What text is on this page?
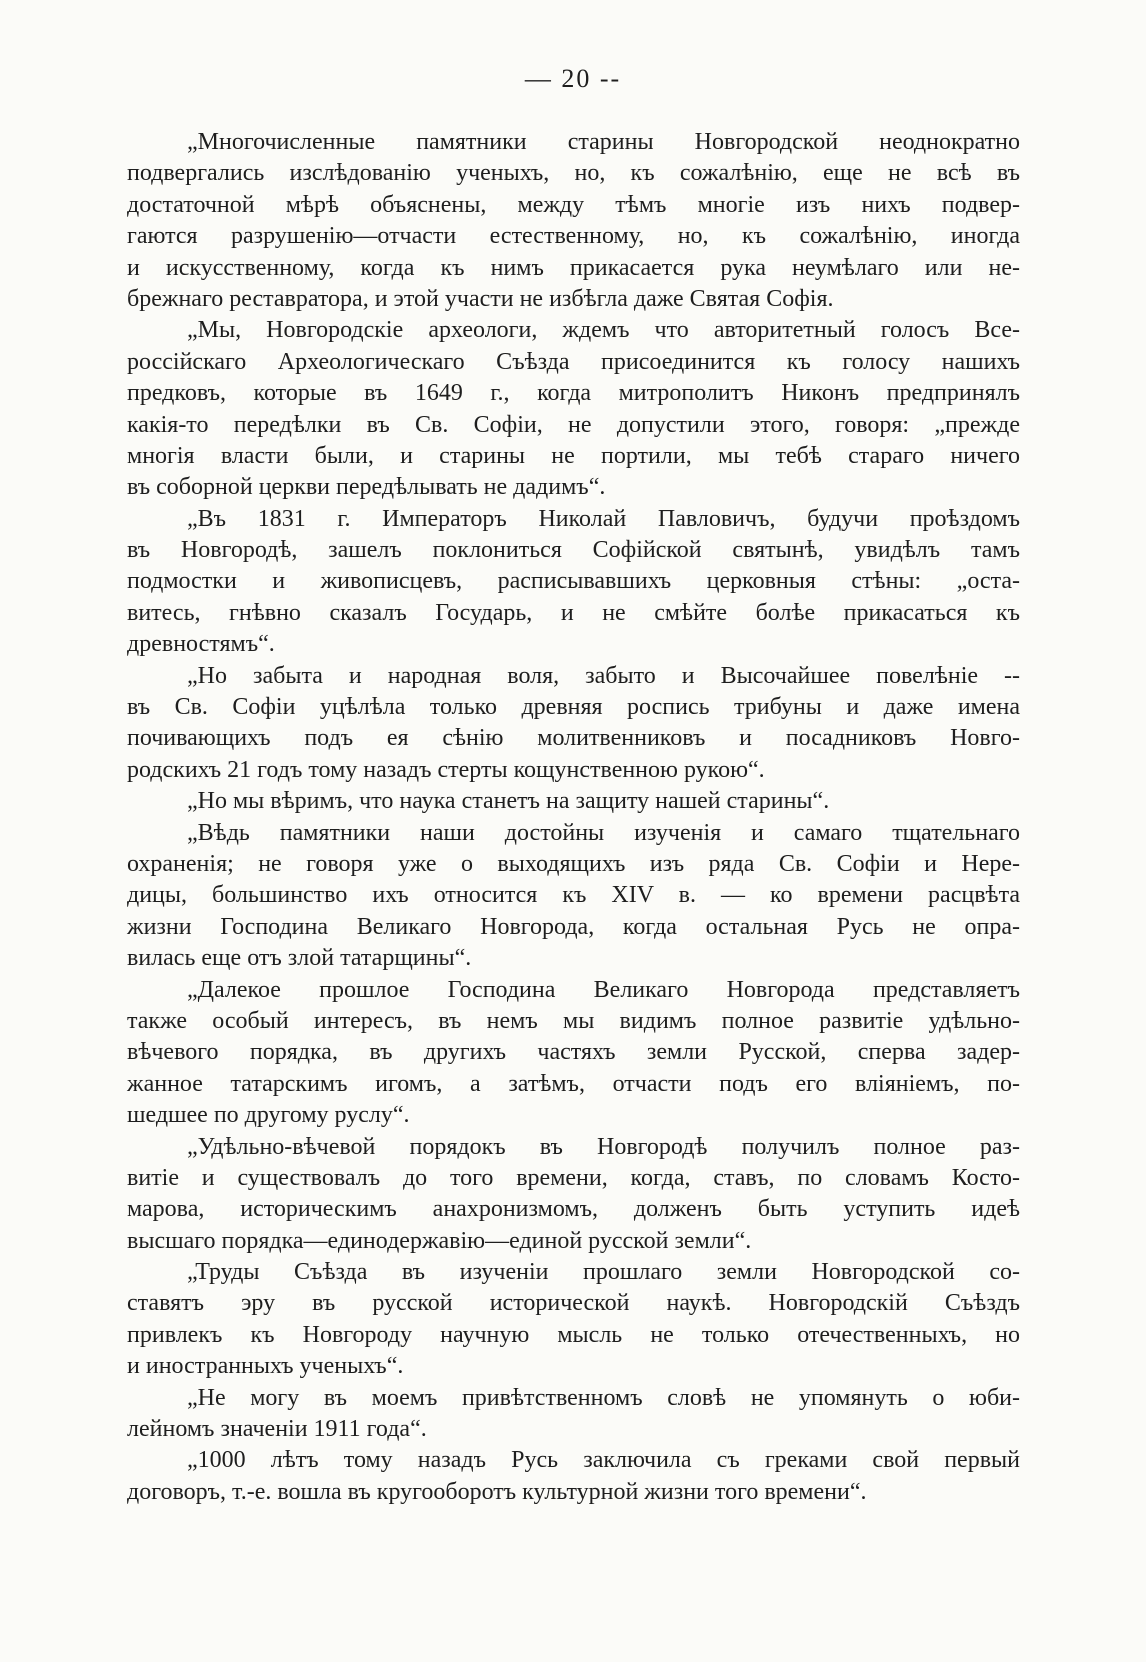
— 20 --
„Многочисленные памятники старины Новгородской неоднократно
подвергались изслѣдованію ученыхъ, но, къ сожалѣнію, еще не всѣ въ
достаточной мѣрѣ объяснены, между тѣмъ многіе изъ нихъ подвер-
гаются разрушенію—отчасти естественному, но, къ сожалѣнію, иногда
и искусственному, когда къ нимъ прикасается рука неумѣлаго или не-
брежнаго реставратора, и этой участи не избѣгла даже Святая Софія.
„Мы, Новгородскіе археологи, ждемъ что авторитетный голосъ Все-
россійскаго Археологическаго Съѣзда присоединится къ голосу нашихъ
предковъ, которые въ 1649 г., когда митрополитъ Никонъ предпринялъ
какія-то передѣлки въ Св. Софіи, не допустили этого, говоря: „прежде
многія власти были, и старины не портили, мы тебѣ стараго ничего
въ соборной церкви передѣлывать не дадимъ“.
„Въ 1831 г. Императоръ Николай Павловичъ, будучи проѣздомъ
въ Новгородѣ, зашелъ поклониться Софійской святынѣ, увидѣлъ тамъ
подмостки и живописцевъ, расписывавшихъ церковныя стѣны: „оста-
витесь, гнѣвно сказалъ Государь, и не смѣйте болѣе прикасаться къ
древностямъ“.
„Но забыта и народная воля, забыто и Высочайшее повелѣніе --
въ Св. Софіи уцѣлѣла только древняя роспись трибуны и даже имена
почивающихъ подъ ея сѣнію молитвенниковъ и посадниковъ Новго-
родскихъ 21 годъ тому назадъ стерты кощунственною рукою“.
„Но мы вѣримъ, что наука станетъ на защиту нашей старины“.
„Вѣдь памятники наши достойны изученія и самаго тщательнаго
охраненія; не говоря уже о выходящихъ изъ ряда Св. Софіи и Нере-
дицы, большинство ихъ относится къ XIV в. — ко времени расцвѣта
жизни Господина Великаго Новгорода, когда остальная Русь не опра-
вилась еще отъ злой татарщины“.
„Далекое прошлое Господина Великаго Новгорода представляетъ
также особый интересъ, въ немъ мы видимъ полное развитіе удѣльно-
вѣчевого порядка, въ другихъ частяхъ земли Русской, сперва задер-
жанное татарскимъ игомъ, а затѣмъ, отчасти подъ его вліяніемъ, по-
шедшее по другому руслу“.
„Удѣльно-вѣчевой порядокъ въ Новгородѣ получилъ полное раз-
витіе и существовалъ до того времени, когда, ставъ, по словамъ Косто-
марова, историческимъ анахронизмомъ, долженъ быть уступить идеѣ
высшаго порядка—единодержавію—единой русской земли“.
„Труды Съѣзда въ изученіи прошлаго земли Новгородской со-
ставятъ эру въ русской исторической наукѣ. Новгородскій Съѣздъ
привлекъ къ Новгороду научную мысль не только отечественныхъ, но
и иностранныхъ ученыхъ“.
„Не могу въ моемъ привѣтственномъ словѣ не упомянуть о юби-
лейномъ значеніи 1911 года“.
„1000 лѣтъ тому назадъ Русь заключила съ греками свой первый
договоръ, т.-е. вошла въ кругооборотъ культурной жизни того времени“.
